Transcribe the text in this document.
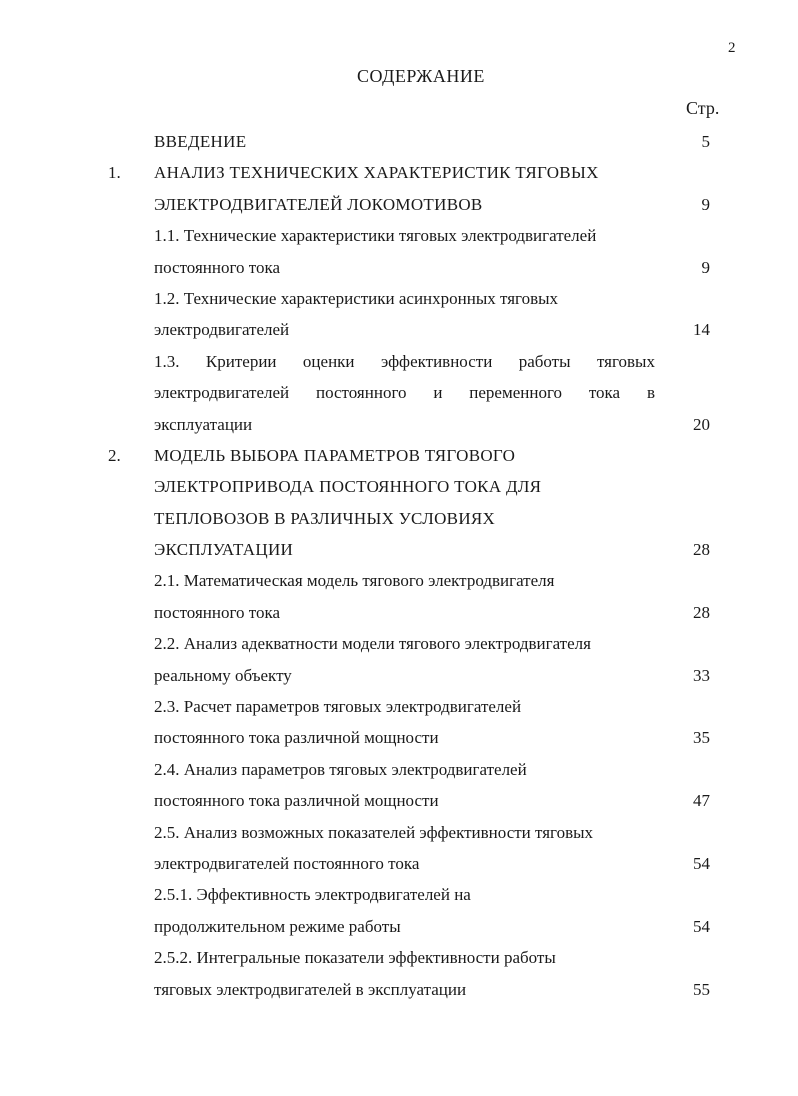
2
СОДЕРЖАНИЕ
Стр.
ВВЕДЕНИЕ	5
1. АНАЛИЗ ТЕХНИЧЕСКИХ ХАРАКТЕРИСТИК ТЯГОВЫХ
ЭЛЕКТРОДВИГАТЕЛЕЙ ЛОКОМОТИВОВ	9
1.1. Технические характеристики тяговых электродвигателей
постоянного тока	9
1.2. Технические характеристики асинхронных тяговых
электродвигателей	14
1.3. Критерии оценки эффективности работы тяговых
электродвигателей постоянного и переменного тока в
эксплуатации	20
2. МОДЕЛЬ ВЫБОРА ПАРАМЕТРОВ ТЯГОВОГО
ЭЛЕКТРОПРИВОДА ПОСТОЯННОГО ТОКА ДЛЯ
ТЕПЛОВОЗОВ В РАЗЛИЧНЫХ УСЛОВИЯХ
ЭКСПЛУАТАЦИИ	28
2.1. Математическая модель тягового электродвигателя
постоянного тока	28
2.2. Анализ адекватности модели тягового электродвигателя
реальному объекту	33
2.3. Расчет параметров тяговых электродвигателей
постоянного тока различной мощности	35
2.4. Анализ параметров тяговых электродвигателей
постоянного тока различной мощности	47
2.5. Анализ возможных показателей эффективности тяговых
электродвигателей постоянного тока	54
2.5.1. Эффективность электродвигателей на
продолжительном режиме работы	54
2.5.2. Интегральные показатели эффективности работы
тяговых электродвигателей в эксплуатации	55
